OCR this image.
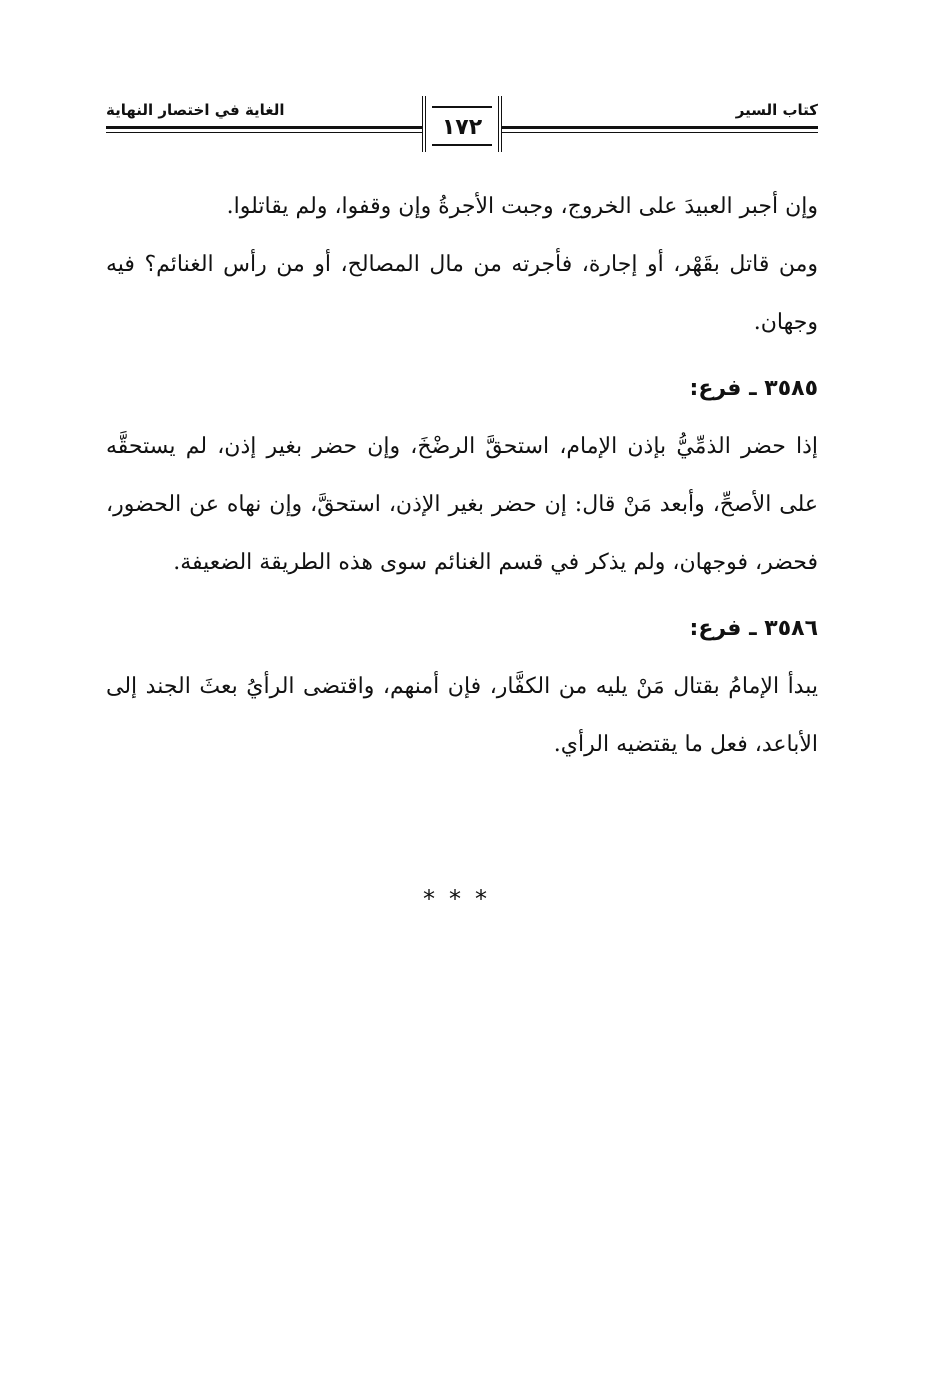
كتاب السير
الغاية في اختصار النهاية
١٧٢

وإن أجبر العبيدَ على الخروج، وجبت الأجرةُ وإن وقفوا، ولم يقاتلوا.

ومن قاتل بقَهْر، أو إجارة، فأجرته من مال المصالح، أو من رأس الغنائم؟ فيه وجهان.

٣٥٨٥ ـ فرع:

إذا حضر الذمِّيُّ بإذن الإمام، استحقَّ الرضْخَ، وإن حضر بغير إذن، لم يستحقَّه على الأصحِّ، وأبعد مَنْ قال: إن حضر بغير الإذن، استحقَّ، وإن نهاه عن الحضور، فحضر، فوجهان، ولم يذكر في قسم الغنائم سوى هذه الطريقة الضعيفة.

٣٥٨٦ ـ فرع:

يبدأ الإمامُ بقتال مَنْ يليه من الكفَّار، فإن أمنهم، واقتضى الرأيُ بعثَ الجند إلى الأباعد، فعل ما يقتضيه الرأي.

***
